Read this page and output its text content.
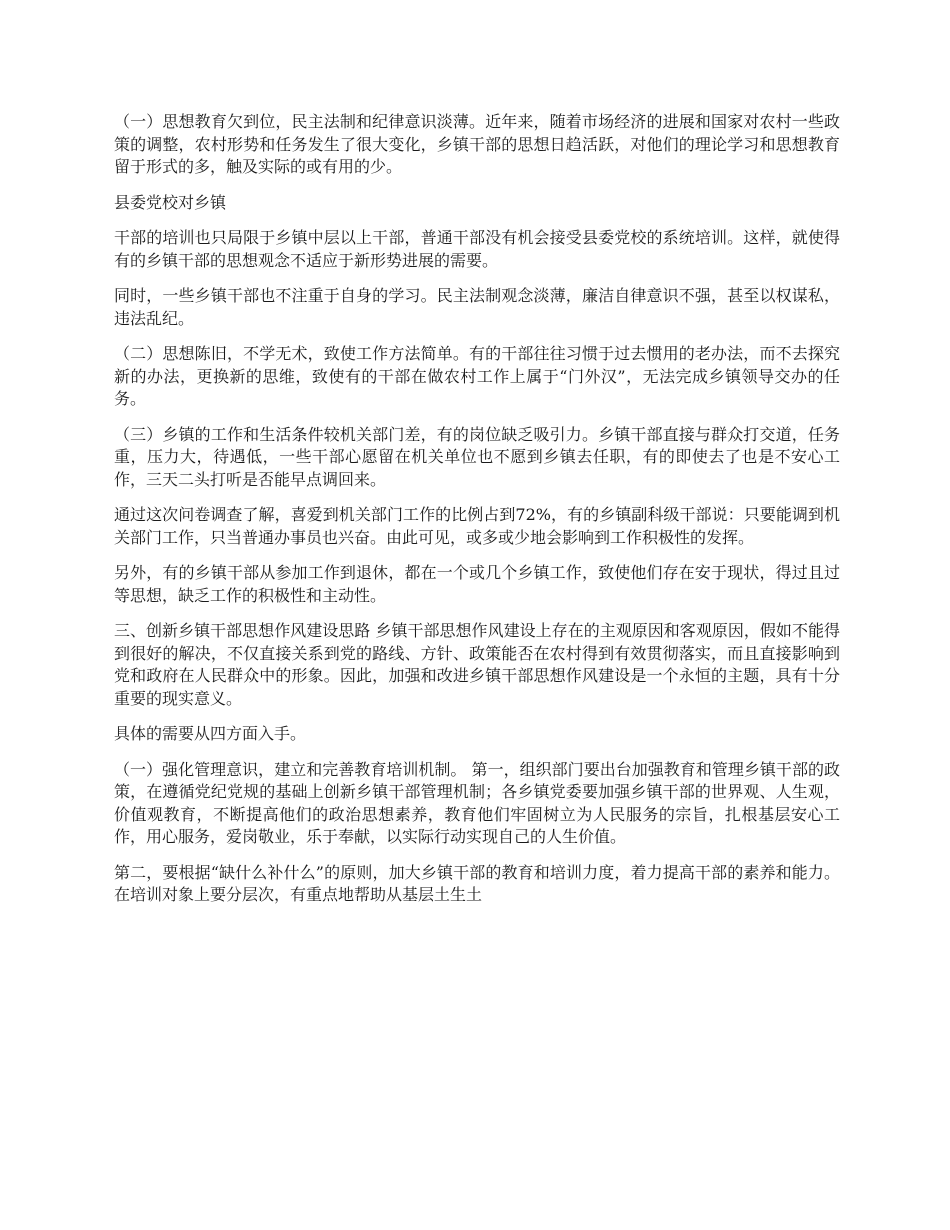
（一）思想教育欠到位，民主法制和纪律意识淡薄。近年来，随着市场经济的进展和国家对农村一些政策的调整，农村形势和任务发生了很大变化，乡镇干部的思想日趋活跃，对他们的理论学习和思想教育留于形式的多，触及实际的或有用的少。

县委党校对乡镇

干部的培训也只局限于乡镇中层以上干部，普通干部没有机会接受县委党校的系统培训。这样，就使得有的乡镇干部的思想观念不适应于新形势进展的需要。

同时，一些乡镇干部也不注重于自身的学习。民主法制观念淡薄，廉洁自律意识不强，甚至以权谋私，违法乱纪。

（二）思想陈旧，不学无术，致使工作方法简单。有的干部往往习惯于过去惯用的老办法，而不去探究新的办法，更换新的思维，致使有的干部在做农村工作上属于“门外汉”，无法完成乡镇领导交办的任务。

（三）乡镇的工作和生活条件较机关部门差，有的岗位缺乏吸引力。乡镇干部直接与群众打交道，任务重，压力大，待遇低，一些干部心愿留在机关单位也不愿到乡镇去任职，有的即使去了也是不安心工作，三天二头打听是否能早点调回来。

通过这次问卷调查了解，喜爱到机关部门工作的比例占到72%，有的乡镇副科级干部说：只要能调到机关部门工作，只当普通办事员也兴奋。由此可见，或多或少地会影响到工作积极性的发挥。

另外，有的乡镇干部从参加工作到退休，都在一个或几个乡镇工作，致使他们存在安于现状，得过且过等思想，缺乏工作的积极性和主动性。

三、创新乡镇干部思想作风建设思路 乡镇干部思想作风建设上存在的主观原因和客观原因，假如不能得到很好的解决，不仅直接关系到党的路线、方针、政策能否在农村得到有效贯彻落实，而且直接影响到党和政府在人民群众中的形象。因此，加强和改进乡镇干部思想作风建设是一个永恒的主题，具有十分重要的现实意义。

具体的需要从四方面入手。

（一）强化管理意识，建立和完善教育培训机制。 第一，组织部门要出台加强教育和管理乡镇干部的政策，在遵循党纪党规的基础上创新乡镇干部管理机制；各乡镇党委要加强乡镇干部的世界观、人生观，价值观教育，不断提高他们的政治思想素养，教育他们牢固树立为人民服务的宗旨，扎根基层安心工作，用心服务，爱岗敬业，乐于奉献，以实际行动实现自己的人生价值。

第二，要根据“缺什么补什么”的原则，加大乡镇干部的教育和培训力度，着力提高干部的素养和能力。在培训对象上要分层次，有重点地帮助从基层土生土
